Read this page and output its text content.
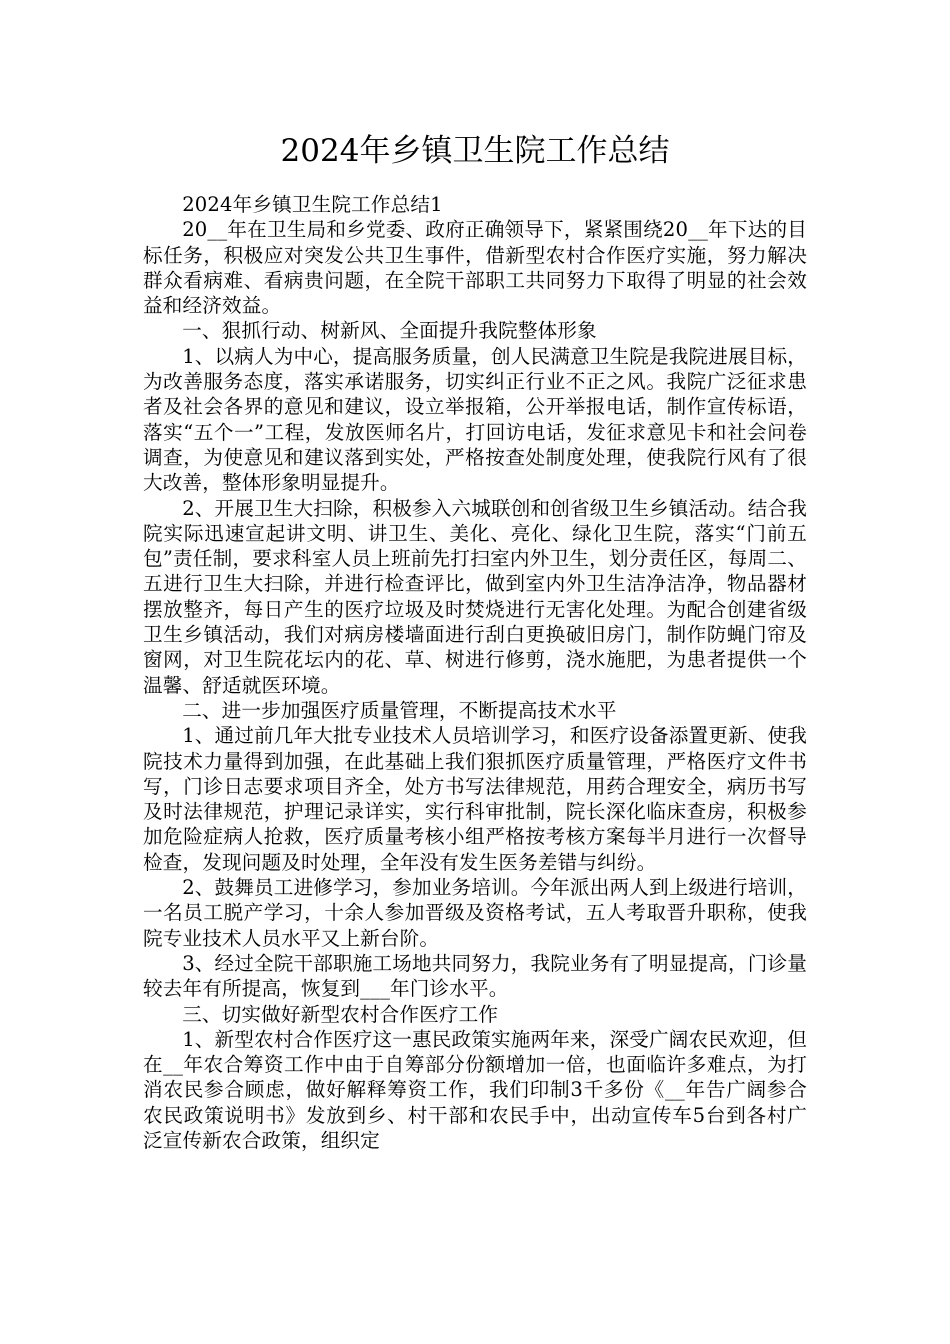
2024年乡镇卫生院工作总结

2024年乡镇卫生院工作总结1

20__年在卫生局和乡党委、政府正确领导下，紧紧围绕20__年下达的目标任务，积极应对突发公共卫生事件，借新型农村合作医疗实施，努力解决群众看病难、看病贵问题，在全院干部职工共同努力下取得了明显的社会效益和经济效益。

一、狠抓行动、树新风、全面提升我院整体形象

1、以病人为中心，提高服务质量，创人民满意卫生院是我院进展目标，为改善服务态度，落实承诺服务，切实纠正行业不正之风。我院广泛征求患者及社会各界的意见和建议，设立举报箱，公开举报电话，制作宣传标语，落实“五个一”工程，发放医师名片，打回访电话，发征求意见卡和社会问卷调查，为使意见和建议落到实处，严格按查处制度处理，使我院行风有了很大改善，整体形象明显提升。

2、开展卫生大扫除，积极参入六城联创和创省级卫生乡镇活动。结合我院实际迅速宣起讲文明、讲卫生、美化、亮化、绿化卫生院，落实“门前五包”责任制，要求科室人员上班前先打扫室内外卫生，划分责任区，每周二、五进行卫生大扫除，并进行检查评比，做到室内外卫生洁净洁净，物品器材摆放整齐，每日产生的医疗垃圾及时焚烧进行无害化处理。为配合创建省级卫生乡镇活动，我们对病房楼墙面进行刮白更换破旧房门，制作防蝇门帘及窗网，对卫生院花坛内的花、草、树进行修剪，浇水施肥，为患者提供一个温馨、舒适就医环境。

二、进一步加强医疗质量管理，不断提高技术水平

1、通过前几年大批专业技术人员培训学习，和医疗设备添置更新、使我院技术力量得到加强，在此基础上我们狠抓医疗质量管理，严格医疗文件书写，门诊日志要求项目齐全，处方书写法律规范，用药合理安全，病历书写及时法律规范，护理记录详实，实行科审批制，院长深化临床查房，积极参加危险症病人抢救，医疗质量考核小组严格按考核方案每半月进行一次督导检查，发现问题及时处理，全年没有发生医务差错与纠纷。

2、鼓舞员工进修学习，参加业务培训。今年派出两人到上级进行培训，一名员工脱产学习，十余人参加晋级及资格考试，五人考取晋升职称，使我院专业技术人员水平又上新台阶。

3、经过全院干部职施工场地共同努力，我院业务有了明显提高，门诊量较去年有所提高，恢复到___年门诊水平。

三、切实做好新型农村合作医疗工作

1、新型农村合作医疗这一惠民政策实施两年来，深受广阔农民欢迎，但在__年农合筹资工作中由于自筹部分份额增加一倍，也面临许多难点，为打消农民参合顾虑，做好解释筹资工作，我们印制3千多份《__年告广阔参合农民政策说明书》发放到乡、村干部和农民手中，出动宣传车5台到各村广泛宣传新农合政策，组织定
